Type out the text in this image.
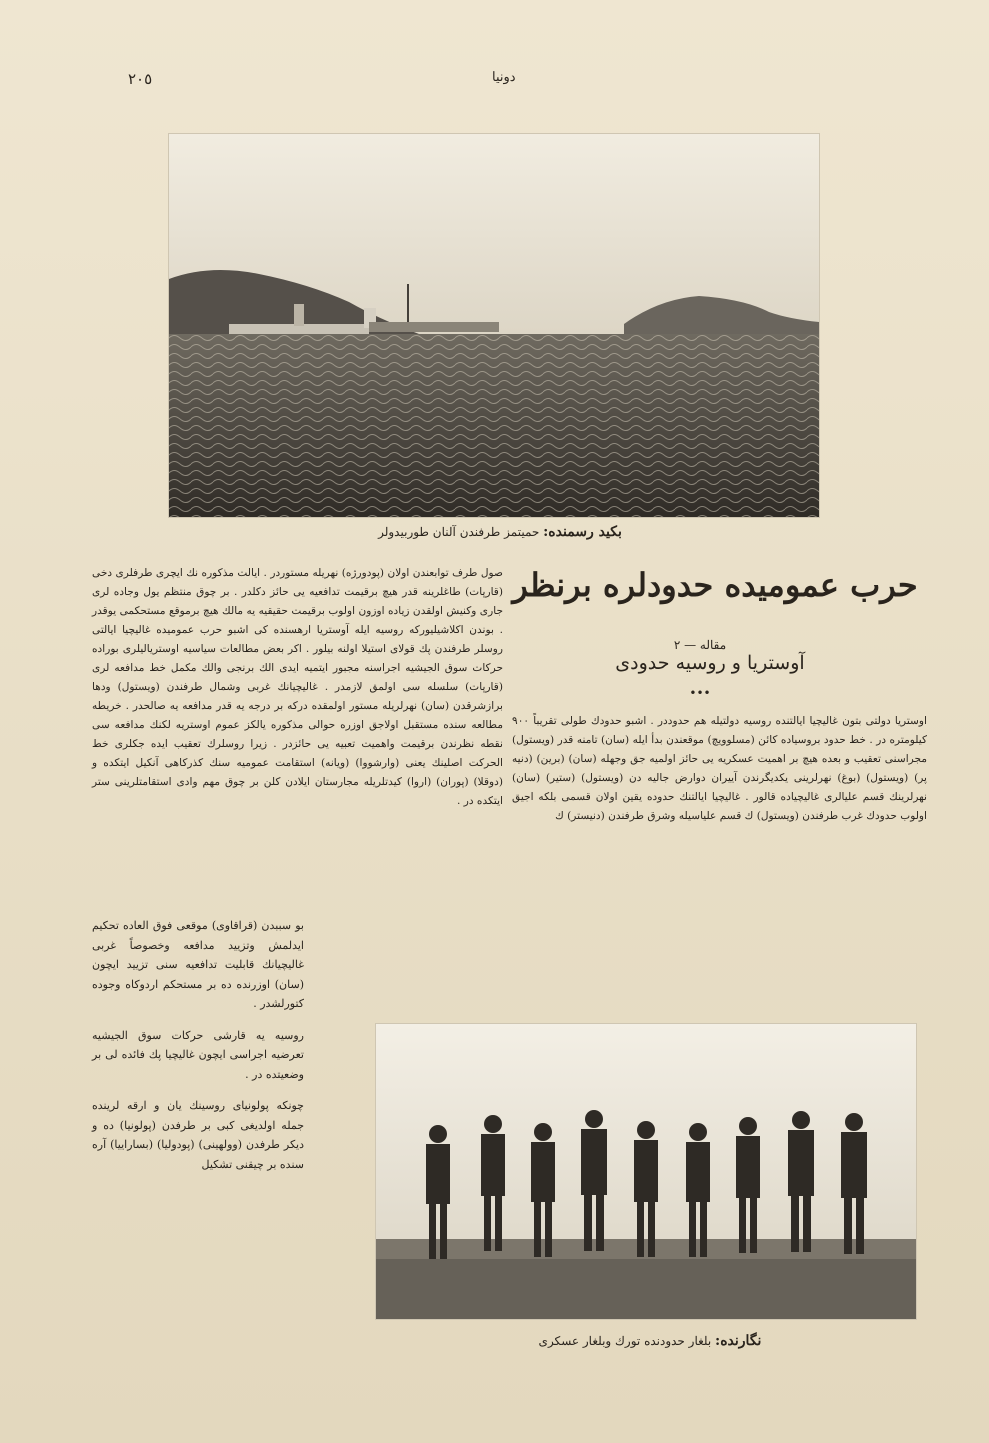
٢٠٥	دونیا
بکید رسمنده: حمیتمز طرفندن آلنان طوربیدولر
حرب عمومیده حدودلره برنظر
مقاله — ٢
آوستریا و روسیه حدودی
•••
اوستریا دولتی بتون غالیچیا ایالتنده روسیه دولتیله هم حدوددر . اشبو حدودك طولی تقریباً ٩٠٠ كیلومتره در . خط حدود بروسیاده كائن (مسلوویچ) موقعندن بدأ ایله (سان) تامنه قدر (ویستول) مجراسنی تعقیب و بعده هیچ بر اهمیت عسكریه یی حائز اولمیه جق وجهله (سان) (برین) (دنیه پر) (ویستول) (بوغ) نهرلرینی یكدیگرندن آییران دوارض جالیه دن (ویستول) (ستیر) (سان) نهرلرینك قسم علیالری غالیچیاده قالور . غالیچیا ایالتنك حدوده یقین اولان قسمی بلكه اجیق اولوب حدودك غرب طرفندن (ویستول) ك قسم علیاسیله وشرق طرفندن (دنیستر) ك
صول طرف توابعندن اولان (پودورژه) نهریله مستوردر . ایالت مذكوره نك ایچری طرفلری دخی (قارپات) طاغلرینه قدر هیچ برقیمت تدافعیه یی حائز دكلدر . بر چوق منتظم یول وجاده لری جاری وكنیش اولقدن زیاده اوزون اولوب برقیمت حقیقیه یه مالك هیچ برموقع مستحكمی یوقدر . بوندن اكلاشیلیوركه روسیه ایله آوستریا ارهسنده كی اشبو حرب عمومیده غالیچیا ایالتی روسلر طرفندن پك قولای استیلا اولنه بیلور . اكر بعض مطالعات سیاسیه اوستریالیلری بوراده حركات سوق الجیشیه اجراسنه مجبور ایتمیه ایدی الك برنجی والك مكمل خط مدافعه لری (قارپات) سلسله سی اولمق لازمدر . غالیچیانك غربی وشمال طرفندن (ویستول) ودها برازشرقدن (سان) نهرلریله مستور اولمقده دركه بر درجه یه قدر مدافعه یه صالحدر . خریطه مطالعه سنده مستقبل اولاجق اوزره حوالی مذكوره یالكز عموم اوستریه لكنك مدافعه سی نقطه نظرندن برقیمت واهمیت تعبیه یی حائزدر . زیرا روسلرك تعقیب ایده جكلری خط الحركت اصلینك یعنی (وارشووا) (ویانه) استقامت عمومیه سنك كذركاهی آنكیل ایتكده و (دوقلا) (پوران) (اروا) كیدتلریله مجارستان ایلادن كلن بر چوق مهم وادی استقامتلرینی ستر ایتكده در .
بو سببدن (قراقاوی) موقعی فوق العاده تحكیم ایدلمش وتزیید مدافعه وخصوصاً غربی غالیچیانك قابلیت تدافعیه سنی تزیید ایچون (سان) اوزرنده ده بر مستحكم اردوكاه وجوده كتورلشدر .
روسیه یه قارشی حركات سوق الجیشیه تعرضیه اجراسی ایچون غالیچیا پك فائده لی بر وضعیتده در .
چونكه پولونیای روسینك یان و ارقه لرینده جمله اولدیغی كبی بر طرفدن (پولونیا) ده و دیكر طرفدن (وولهینی) (پودولیا) (بساراییا) آره سنده بر چیقنی تشكیل
نگارنده: بلغار حدودنده تورك وبلغار عسکری
